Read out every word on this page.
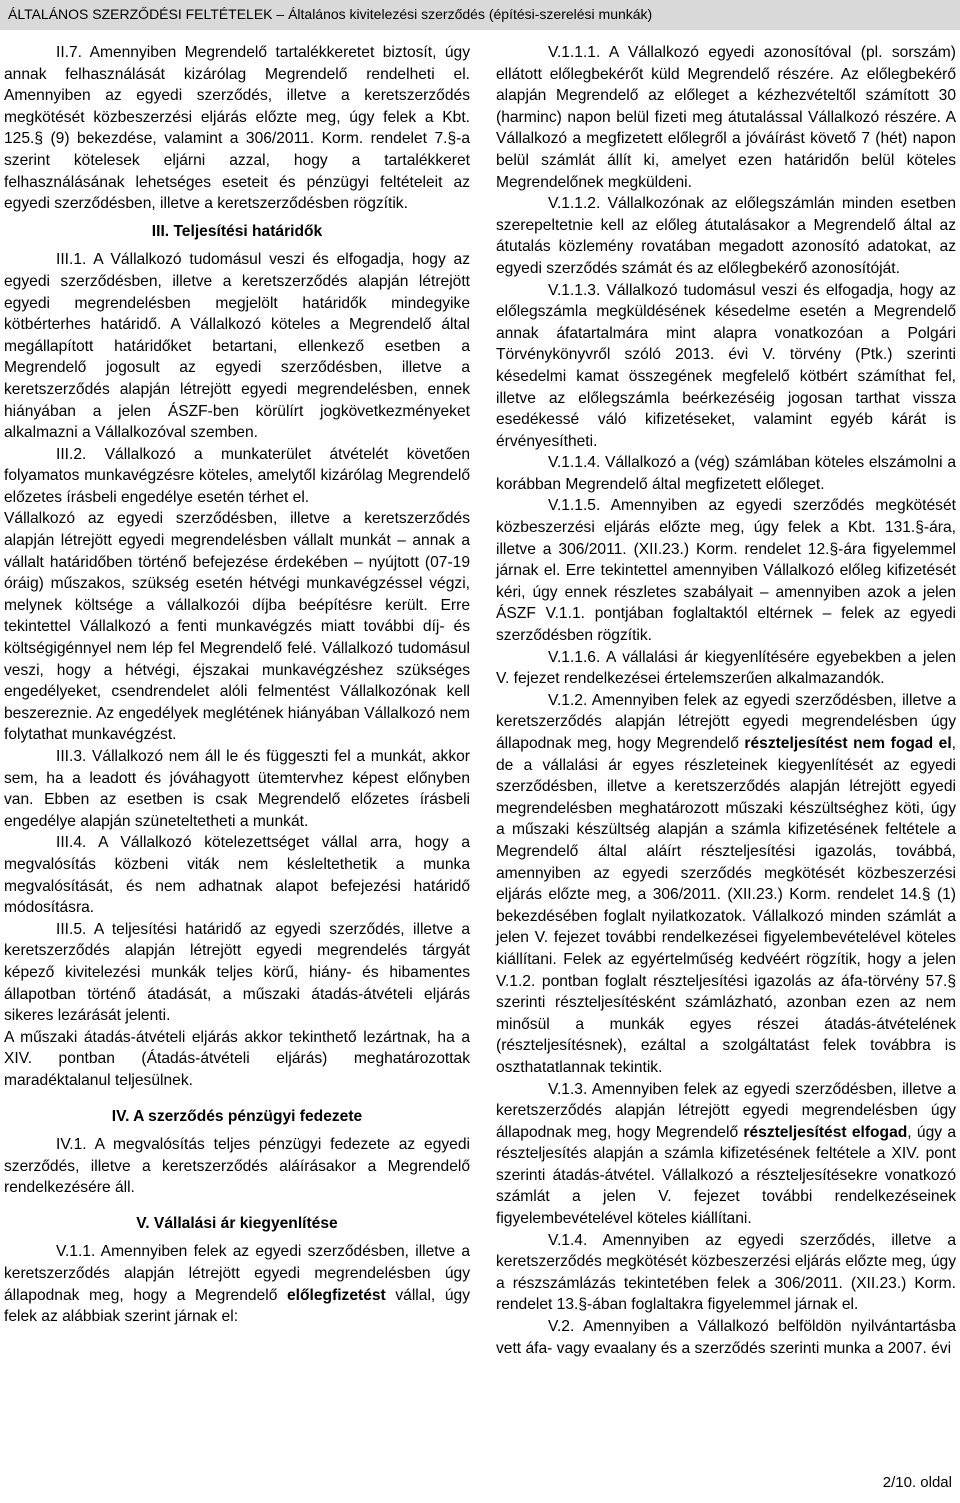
ÁLTALÁNOS SZERZŐDÉSI FELTÉTELEK – Általános kivitelezési szerződés (építési-szerelési munkák)

II.7. Amennyiben Megrendelő tartalékkeretet biztosít, úgy annak felhasználását kizárólag Megrendelő rendelheti el. Amennyiben az egyedi szerződés, illetve a keretszerződés megkötését közbeszerzési eljárás előzte meg, úgy felek a Kbt. 125.§ (9) bekezdése, valamint a 306/2011. Korm. rendelet 7.§-a szerint kötelesek eljárni azzal, hogy a tartalékkeret felhasználásának lehetséges eseteit és pénzügyi feltételeit az egyedi szerződésben, illetve a keretszerződésben rögzítik.

III. Teljesítési határidők

III.1. A Vállalkozó tudomásul veszi és elfogadja, hogy az egyedi szerződésben, illetve a keretszerződés alapján létrejött egyedi megrendelésben megjelölt határidők mindegyike kötbérterhes határidő. A Vállalkozó köteles a Megrendelő által megállapított határidőket betartani, ellenkező esetben a Megrendelő jogosult az egyedi szerződésben, illetve a keretszerződés alapján létrejött egyedi megrendelésben, ennek hiányában a jelen ÁSZF-ben körülírt jogkövetkezményeket alkalmazni a Vállalkozóval szemben.

III.2. Vállalkozó a munkaterület átvételét követően folyamatos munkavégzésre köteles, amelytől kizárólag Megrendelő előzetes írásbeli engedélye esetén térhet el.

Vállalkozó az egyedi szerződésben, illetve a keretszerződés alapján létrejött egyedi megrendelésben vállalt munkát – annak a vállalt határidőben történő befejezése érdekében – nyújtott (07-19 óráig) műszakos, szükség esetén hétvégi munkavégzéssel végzi, melynek költsége a vállalkozói díjba beépítésre került. Erre tekintettel Vállalkozó a fenti munkavégzés miatt további díj- és költségigénnyel nem lép fel Megrendelő felé. Vállalkozó tudomásul veszi, hogy a hétvégi, éjszakai munkavégzéshez szükséges engedélyeket, csendrendelet alóli felmentést Vállalkozónak kell beszereznie. Az engedélyek meglétének hiányában Vállalkozó nem folytathat munkavégzést.

III.3. Vállalkozó nem áll le és függeszti fel a munkát, akkor sem, ha a leadott és jóváhagyott ütemtervhez képest előnyben van. Ebben az esetben is csak Megrendelő előzetes írásbeli engedélye alapján szüneteltetheti a munkát.

III.4. A Vállalkozó kötelezettséget vállal arra, hogy a megvalósítás közbeni viták nem késleltethetik a munka megvalósítását, és nem adhatnak alapot befejezési határidő módosításra.

III.5. A teljesítési határidő az egyedi szerződés, illetve a keretszerződés alapján létrejött egyedi megrendelés tárgyát képező kivitelezési munkák teljes körű, hiány- és hibamentes állapotban történő átadását, a műszaki átadás-átvételi eljárás sikeres lezárását jelenti.

A műszaki átadás-átvételi eljárás akkor tekinthető lezártnak, ha a XIV. pontban (Átadás-átvételi eljárás) meghatározottak maradéktalanul teljesülnek.

IV. A szerződés pénzügyi fedezete

IV.1. A megvalósítás teljes pénzügyi fedezete az egyedi szerződés, illetve a keretszerződés aláírásakor a Megrendelő rendelkezésére áll.

V. Vállalási ár kiegyenlítése

V.1.1. Amennyiben felek az egyedi szerződésben, illetve a keretszerződés alapján létrejött egyedi megrendelésben úgy állapodnak meg, hogy a Megrendelő előlegfizetést vállal, úgy felek az alábbiak szerint járnak el:

V.1.1.1. A Vállalkozó egyedi azonosítóval (pl. sorszám) ellátott előlegbekérőt küld Megrendelő részére. Az előlegbekérő alapján Megrendelő az előleget a kézhezvételtől számított 30 (harminc) napon belül fizeti meg átutalással Vállalkozó részére. A Vállalkozó a megfizetett előlegről a jóváírást követő 7 (hét) napon belül számlát állít ki, amelyet ezen határidőn belül köteles Megrendelőnek megküldeni.

V.1.1.2. Vállalkozónak az előlegszámlán minden esetben szerepeltetnie kell az előleg átutalásakor a Megrendelő által az átutalás közlemény rovatában megadott azonosító adatokat, az egyedi szerződés számát és az előlegbekérő azonosítóját.

V.1.1.3. Vállalkozó tudomásul veszi és elfogadja, hogy az előlegszámla megküldésének késedelme esetén a Megrendelő annak áfatartalmára mint alapra vonatkozóan a Polgári Törvénykönyvről szóló 2013. évi V. törvény (Ptk.) szerinti késedelmi kamat összegének megfelelő kötbért számíthat fel, illetve az előlegszámla beérkezéséig jogosan tarthat vissza esedékessé váló kifizetéseket, valamint egyéb kárát is érvényesítheti.

V.1.1.4. Vállalkozó a (vég) számlában köteles elszámolni a korábban Megrendelő által megfizetett előleget.

V.1.1.5. Amennyiben az egyedi szerződés megkötését közbeszerzési eljárás előzte meg, úgy felek a Kbt. 131.§-ára, illetve a 306/2011. (XII.23.) Korm. rendelet 12.§-ára figyelemmel járnak el. Erre tekintettel amennyiben Vállalkozó előleg kifizetését kéri, úgy ennek részletes szabályait – amennyiben azok a jelen ÁSZF V.1.1. pontjában foglaltaktól eltérnek – felek az egyedi szerződésben rögzítik.

V.1.1.6. A vállalási ár kiegyenlítésére egyebekben a jelen V. fejezet rendelkezései értelemszerűen alkalmazandók.

V.1.2. Amennyiben felek az egyedi szerződésben, illetve a keretszerződés alapján létrejött egyedi megrendelésben úgy állapodnak meg, hogy Megrendelő részteljesítést nem fogad el, de a vállalási ár egyes részleteinek kiegyenlítését az egyedi szerződésben, illetve a keretszerződés alapján létrejött egyedi megrendelésben meghatározott műszaki készültséghez köti, úgy a műszaki készültség alapján a számla kifizetésének feltétele a Megrendelő által aláírt részteljesítési igazolás, továbbá, amennyiben az egyedi szerződés megkötését közbeszerzési eljárás előzte meg, a 306/2011. (XII.23.) Korm. rendelet 14.§ (1) bekezdésében foglalt nyilatkozatok. Vállalkozó minden számlát a jelen V. fejezet további rendelkezései figyelembevételével köteles kiállítani. Felek az egyértelműség kedvéért rögzítik, hogy a jelen V.1.2. pontban foglalt részteljesítési igazolás az áfa-törvény 57.§ szerinti részteljesítésként számlázható, azonban ezen az nem minősül a munkák egyes részei átadás-átvételének (részteljesítésnek), ezáltal a szolgáltatást felek továbbra is oszthatatlannak tekintik.

V.1.3. Amennyiben felek az egyedi szerződésben, illetve a keretszerződés alapján létrejött egyedi megrendelésben úgy állapodnak meg, hogy Megrendelő részteljesítést elfogad, úgy a részteljesítés alapján a számla kifizetésének feltétele a XIV. pont szerinti átadás-átvétel. Vállalkozó a részteljesítésekre vonatkozó számlát a jelen V. fejezet további rendelkezéseinek figyelembevételével köteles kiállítani.

V.1.4. Amennyiben az egyedi szerződés, illetve a keretszerződés megkötését közbeszerzési eljárás előzte meg, úgy a részszámlázás tekintetében felek a 306/2011. (XII.23.) Korm. rendelet 13.§-ában foglaltakra figyelemmel járnak el.

V.2. Amennyiben a Vállalkozó belföldön nyilvántartásba vett áfa- vagy evaalany és a szerződés szerinti munka a 2007. évi

2/10. oldal
